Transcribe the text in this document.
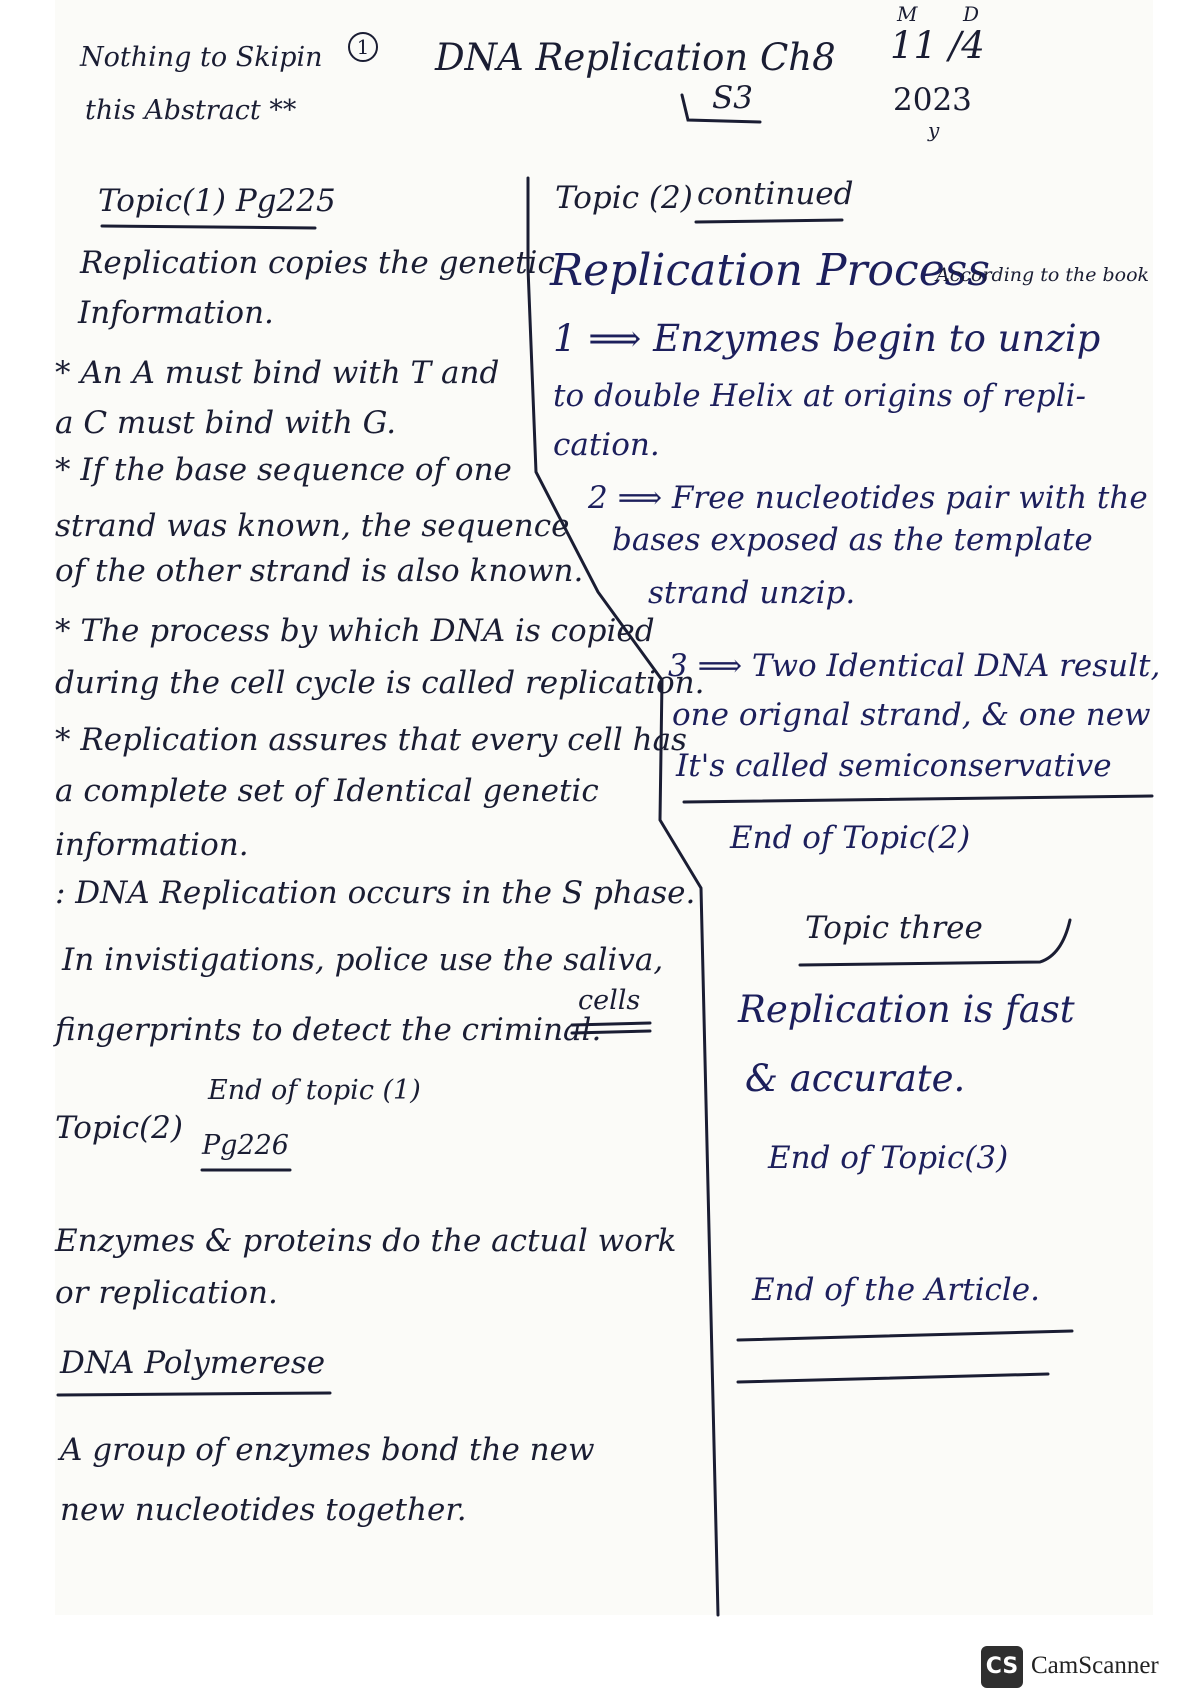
Nothing to Skipin
this Abstract **
1 DNA Replication Ch8
S3
M D
11 /4
2023
y
Topic(1) Pg225
Replication copies the genetic
Information.
* An A must bind with T and
a C must bind with G.
* If the base sequence of one
strand was known, the sequence
of the other strand is also known.
* The process by which DNA is copied
during the cell cycle is called replication.
* Replication assures that every cell has
a complete set of Identical genetic
information.
: DNA Replication occurs in the S phase.
In invistigations, police use the saliva,
fingerprints to detect the criminal.
cells
End of topic (1)
Topic(2) Pg226
Enzymes & proteins do the actual work
or replication.
DNA Polymerese
A group of enzymes bond the new
new nucleotides together.
Topic (2) continued
Replication Process
According to the book
1 ⟹ Enzymes begin to unzip
to double Helix at origins of repli-
cation.
2 ⟹ Free nucleotides pair with the
bases exposed as the template
strand unzip.
3 ⟹ Two Identical DNA result,
one orignal strand, & one new
It's called semiconservative
End of Topic(2)
Topic three
Replication is fast
& accurate.
End of Topic(3)
End of the Article.
CS CamScanner
